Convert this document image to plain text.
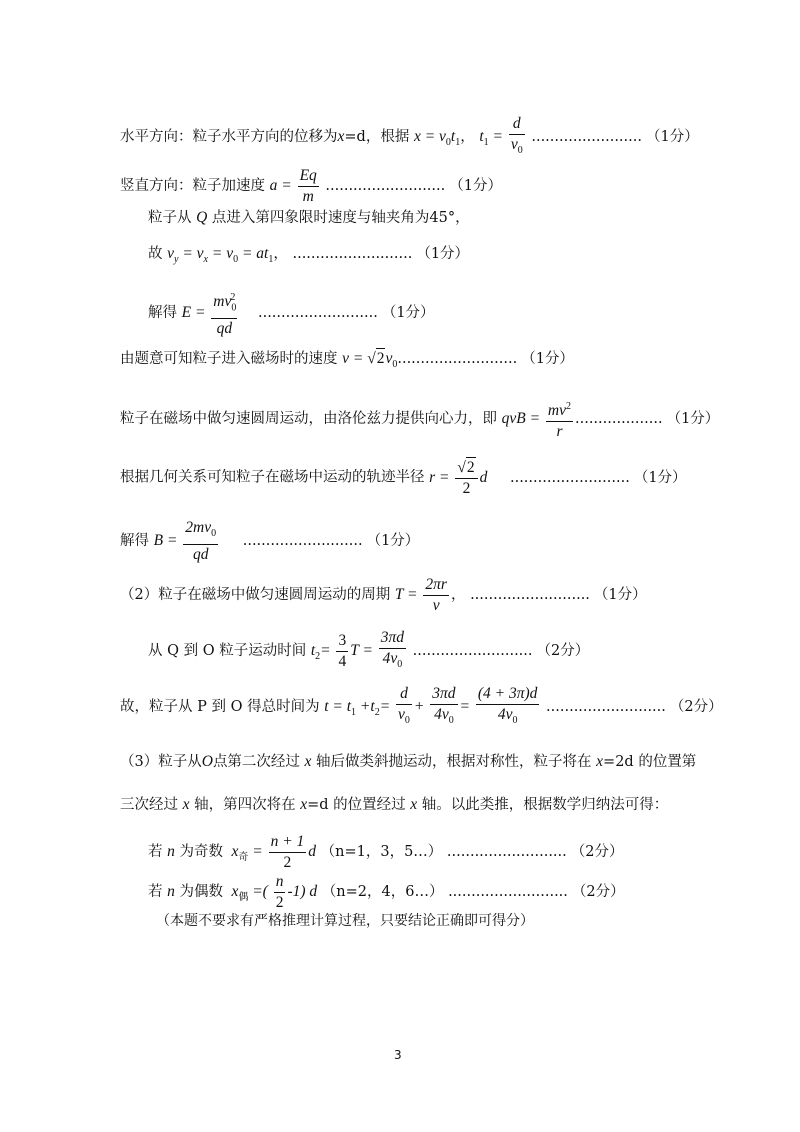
水平方向：粒子水平方向的位移为x=d，根据 $x = v_0t_1$， $t_1 = \frac{d}{v_0}$ ........................ （1分）
竖直方向：粒子加速度 $a = \frac{Eq}{m}$ .......................... （1分）
粒子从 Q 点进入第四象限时速度与轴夹角为45°，
故 $v_y = v_x = v_0 = at_1$， .......................... （1分）
解得 $E = \frac{mv_0^2}{qd}$ .......................... （1分）
由题意可知粒子进入磁场时的速度 $v = √2v_0$.......................... （1分）
粒子在磁场中做匀速圆周运动，由洛伦兹力提供向心力，即 qvB = $\frac{mv^2}{r}$ ................... （1分）
根据几何关系可知粒子在磁场中运动的轨迹半径 $r = \frac{√2}{2}$ d .......................... （1分）
解得 $B = \frac{2mv_0}{qd}$ .......................... （1分）
（2）粒子在磁场中做匀速圆周运动的周期 $T = \frac{2\pi r}{v}$ ， .......................... （1分）
从 Q 到 O 粒子运动时间 $t_2= \frac{3}{4}$ $T = \frac{3\pi d}{4v_0}$ .......................... （2分）
故，粒子从 P 到 O 得总时间为 $t = t_1 +t_2= \frac{d}{v_0} + \frac{3\pi d}{4v_0} = \frac{(4 + 3\pi)d}{4v_0}$ .......................... （2分）
（3）粒子从O点第二次经过 x 轴后做类斜抛运动，根据对称性，粒子将在 x=2d 的位置第
三次经过 x 轴，第四次将在 x=d 的位置经过 x 轴。以此类推，根据数学归纳法可得：
若 n 为奇数  $x_奇 = \frac{n + 1}{2}$ d （n=1，3，5…） .......................... （2分）
若 n 为偶数  $x_偶$ =( $\frac{n}{2} -1$) d （n=2，4，6…） .......................... （2分）
（本题不要求有严格推理计算过程，只要结论正确即可得分）
3
